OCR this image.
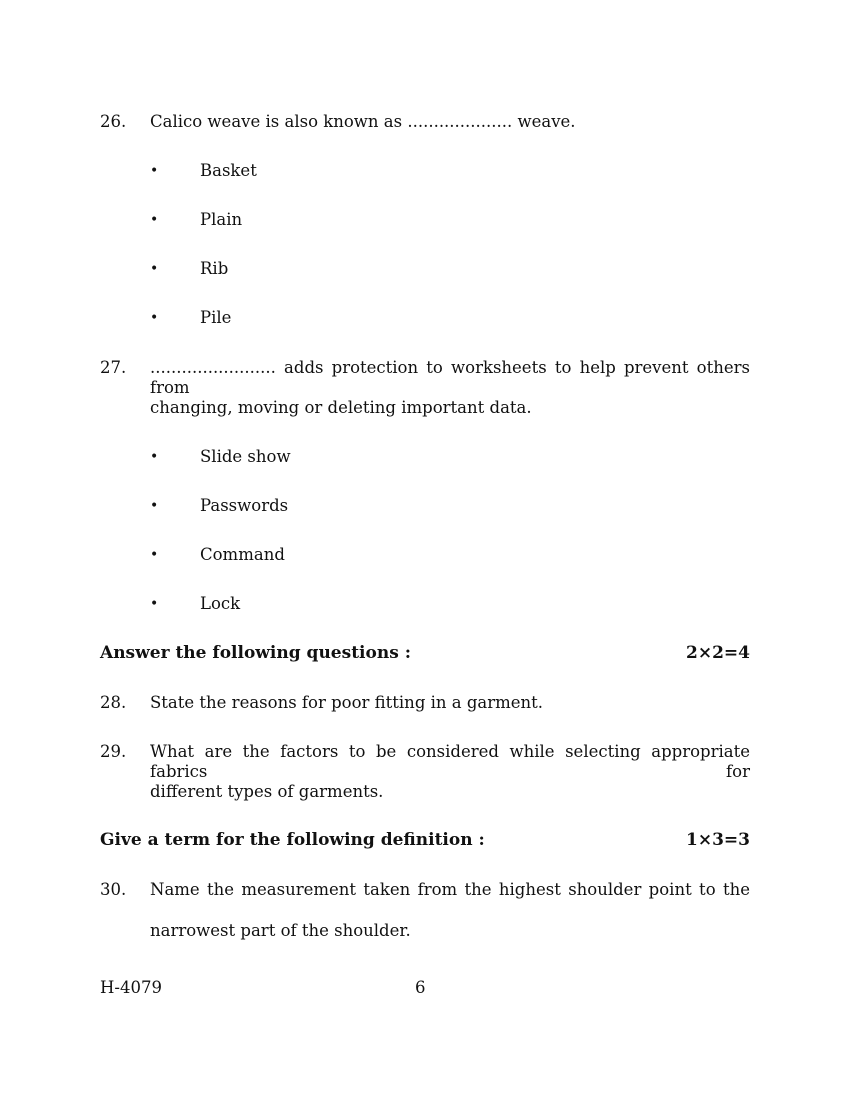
26. Calico weave is also known as .................... weave.
•	Basket
•	Plain
•	Rib
•	Pile
27. ........................ adds protection to worksheets to help prevent others from
changing, moving or deleting important data.
•	Slide show
•	Passwords
•	Command
•	Lock
Answer the following questions :	2×2=4
28. State the reasons for poor fitting in a garment.
29. What are the factors to be considered while selecting appropriate fabrics for
different types of garments.
Give a term for the following definition :	1×3=3
30. Name the measurement taken from the highest shoulder point to the
narrowest part of the shoulder.
H-4079	6
